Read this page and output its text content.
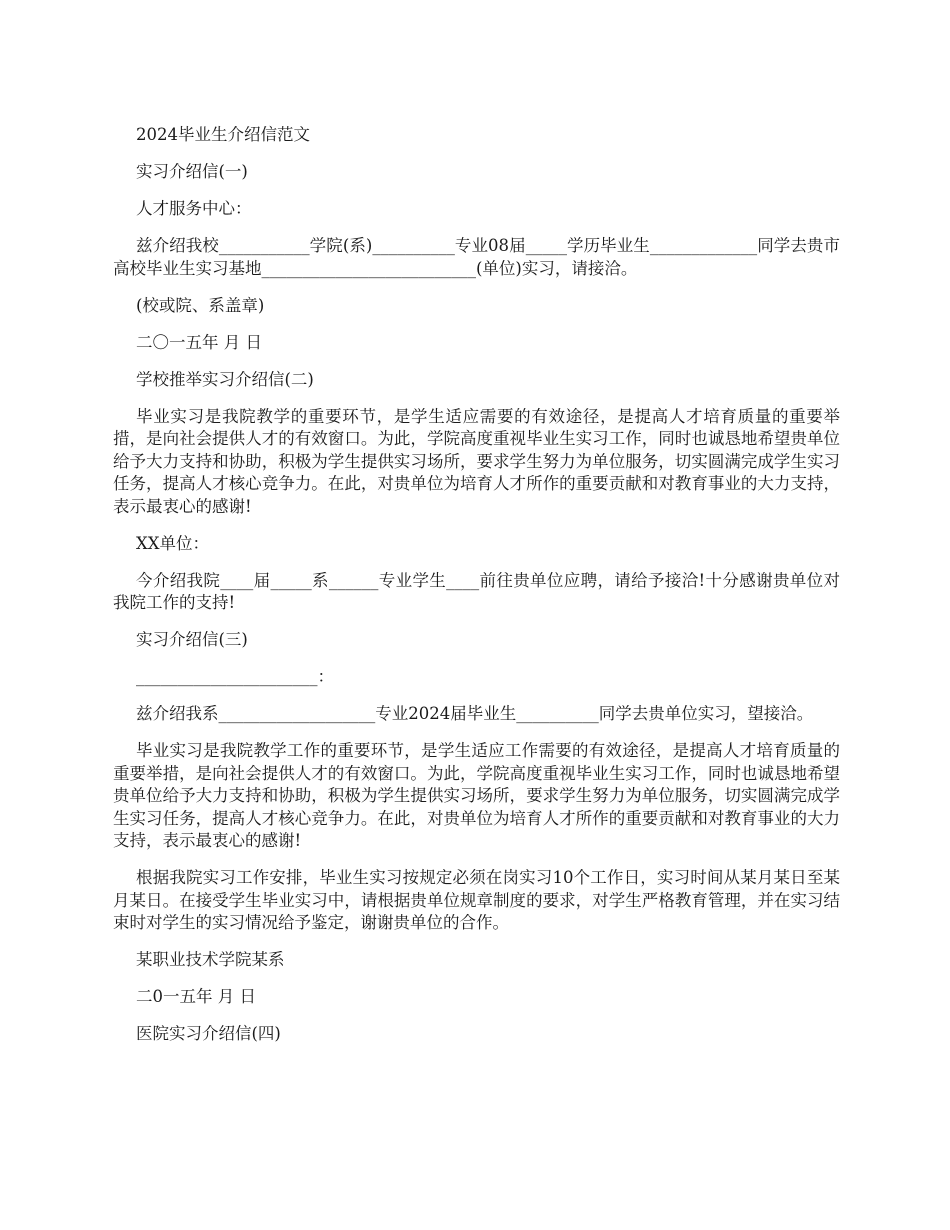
2024毕业生介绍信范文

实习介绍信(一)

人才服务中心：

兹介绍我校___________学院(系)__________专业08届_____学历毕业生_____________同学去贵市高校毕业生实习基地__________________________(单位)实习，请接洽。

(校或院、系盖章)

二〇一五年 月 日

学校推举实习介绍信(二)

毕业实习是我院教学的重要环节，是学生适应需要的有效途径，是提高人才培育质量的重要举措，是向社会提供人才的有效窗口。为此，学院高度重视毕业生实习工作，同时也诚恳地希望贵单位给予大力支持和协助，积极为学生提供实习场所，要求学生努力为单位服务，切实圆满完成学生实习任务，提高人才核心竞争力。在此，对贵单位为培育人才所作的重要贡献和对教育事业的大力支持，表示最衷心的感谢!

XX单位：

今介绍我院____届_____系______专业学生____前往贵单位应聘，请给予接洽!十分感谢贵单位对我院工作的支持!

实习介绍信(三)

______________________：

兹介绍我系___________________专业2024届毕业生__________同学去贵单位实习，望接洽。

毕业实习是我院教学工作的重要环节，是学生适应工作需要的有效途径，是提高人才培育质量的重要举措，是向社会提供人才的有效窗口。为此，学院高度重视毕业生实习工作，同时也诚恳地希望贵单位给予大力支持和协助，积极为学生提供实习场所，要求学生努力为单位服务，切实圆满完成学生实习任务，提高人才核心竞争力。在此，对贵单位为培育人才所作的重要贡献和对教育事业的大力支持，表示最衷心的感谢!

根据我院实习工作安排，毕业生实习按规定必须在岗实习10个工作日，实习时间从某月某日至某月某日。在接受学生毕业实习中，请根据贵单位规章制度的要求，对学生严格教育管理，并在实习结束时对学生的实习情况给予鉴定，谢谢贵单位的合作。

某职业技术学院某系

二0一五年 月 日

医院实习介绍信(四)
